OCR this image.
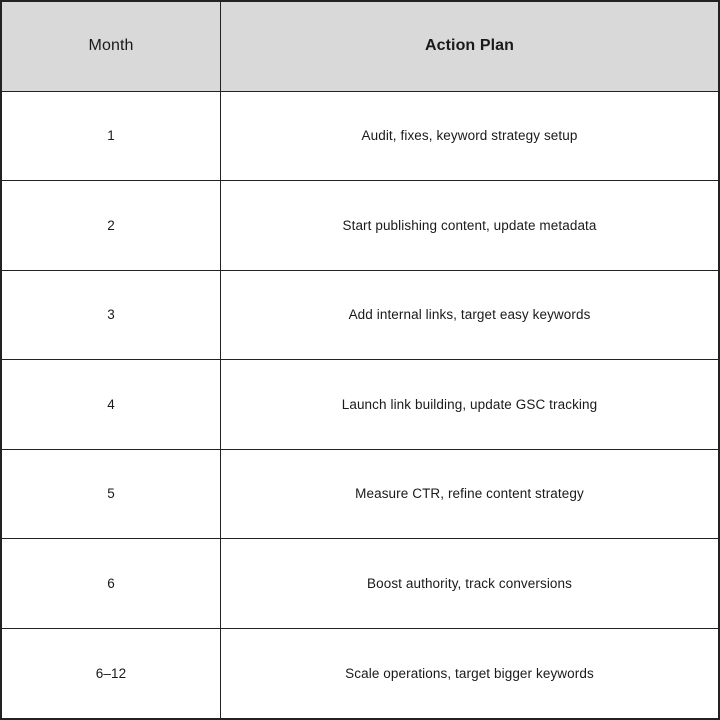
Month	Action Plan
1	Audit, fixes, keyword strategy setup
2	Start publishing content, update metadata
3	Add internal links, target easy keywords
4	Launch link building, update GSC tracking
5	Measure CTR, refine content strategy
6	Boost authority, track conversions
6–12	Scale operations, target bigger keywords
